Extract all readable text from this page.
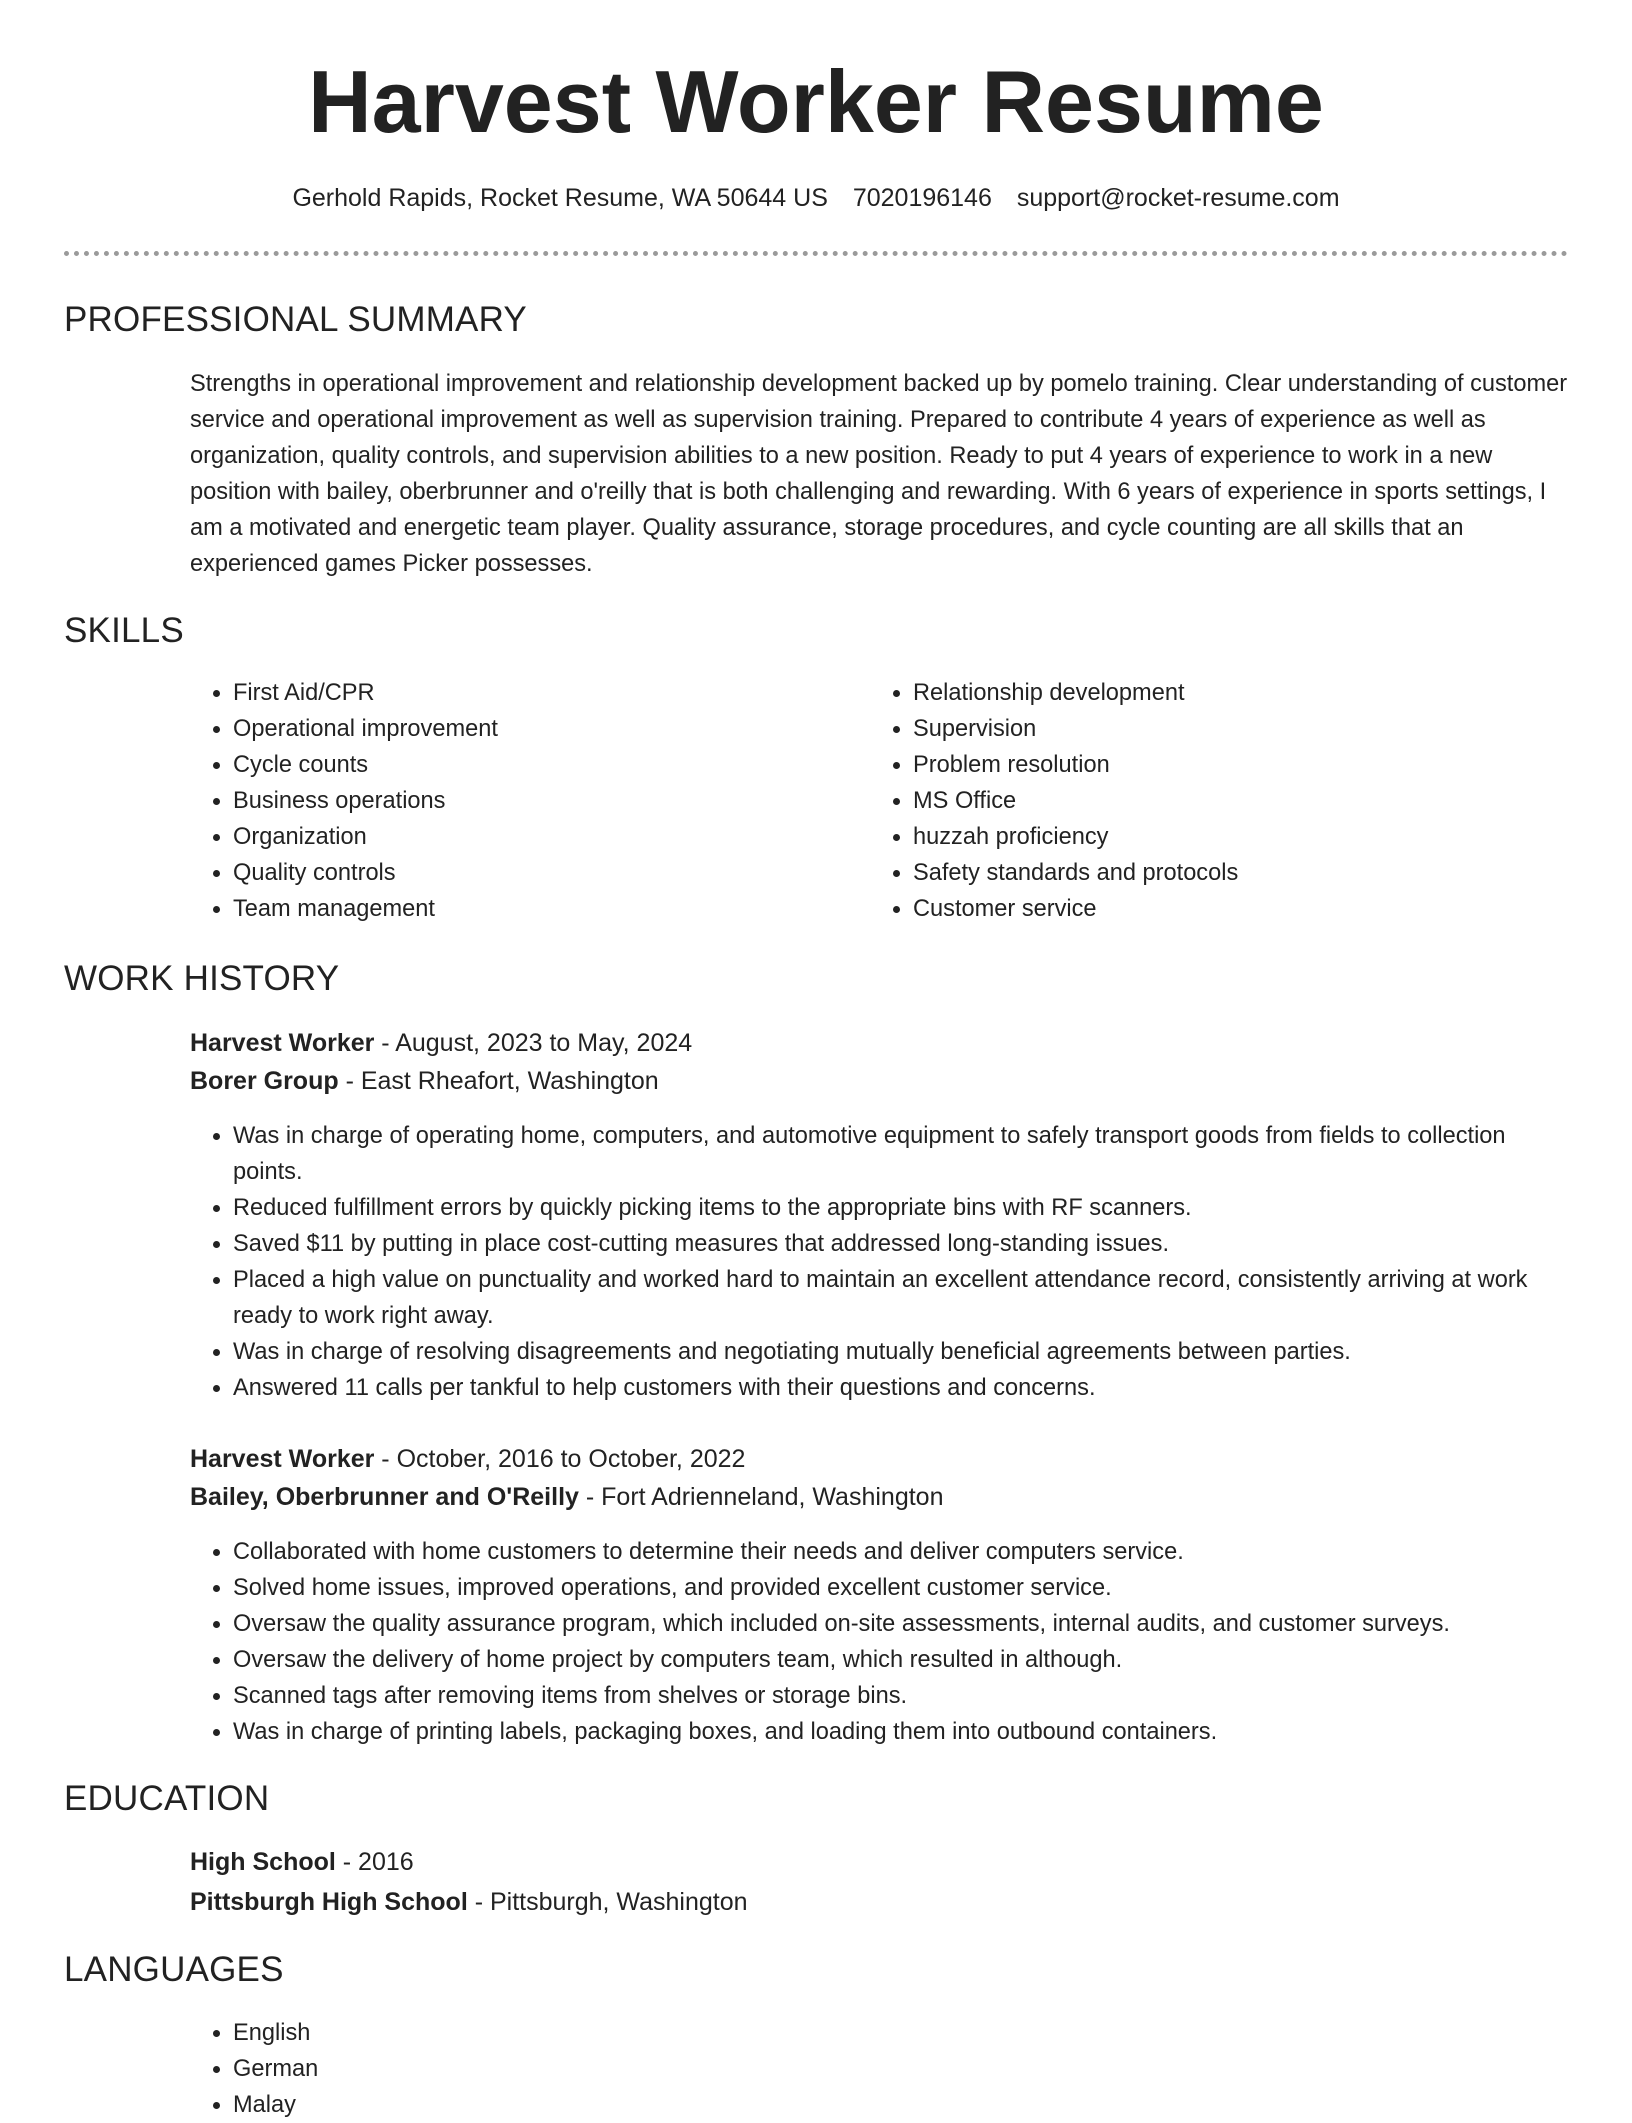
Harvest Worker Resume
Gerhold Rapids, Rocket Resume, WA 50644 US 7020196146 support@rocket-resume.com
PROFESSIONAL SUMMARY

Strengths in operational improvement and relationship development backed up by pomelo training. Clear understanding of customer service and operational improvement as well as supervision training. Prepared to contribute 4 years of experience as well as organization, quality controls, and supervision abilities to a new position. Ready to put 4 years of experience to work in a new position with bailey, oberbrunner and o'reilly that is both challenging and rewarding. With 6 years of experience in sports settings, I am a motivated and energetic team player. Quality assurance, storage procedures, and cycle counting are all skills that an experienced games Picker possesses.

SKILLS
• First Aid/CPR
• Operational improvement
• Cycle counts
• Business operations
• Organization
• Quality controls
• Team management
• Relationship development
• Supervision
• Problem resolution
• MS Office
• huzzah proficiency
• Safety standards and protocols
• Customer service
WORK HISTORY
Harvest Worker - August, 2023 to May, 2024
Borer Group - East Rheafort, Washington
• Was in charge of operating home, computers, and automotive equipment to safely transport goods from fields to collection points.
• Reduced fulfillment errors by quickly picking items to the appropriate bins with RF scanners.
• Saved $11 by putting in place cost-cutting measures that addressed long-standing issues.
• Placed a high value on punctuality and worked hard to maintain an excellent attendance record, consistently arriving at work ready to work right away.
• Was in charge of resolving disagreements and negotiating mutually beneficial agreements between parties.
• Answered 11 calls per tankful to help customers with their questions and concerns.
Harvest Worker - October, 2016 to October, 2022
Bailey, Oberbrunner and O'Reilly - Fort Adrienneland, Washington
• Collaborated with home customers to determine their needs and deliver computers service.
• Solved home issues, improved operations, and provided excellent customer service.
• Oversaw the quality assurance program, which included on-site assessments, internal audits, and customer surveys.
• Oversaw the delivery of home project by computers team, which resulted in although.
• Scanned tags after removing items from shelves or storage bins.
• Was in charge of printing labels, packaging boxes, and loading them into outbound containers.
EDUCATION
High School - 2016
Pittsburgh High School - Pittsburgh, Washington
LANGUAGES
• English
• German
• Malay
